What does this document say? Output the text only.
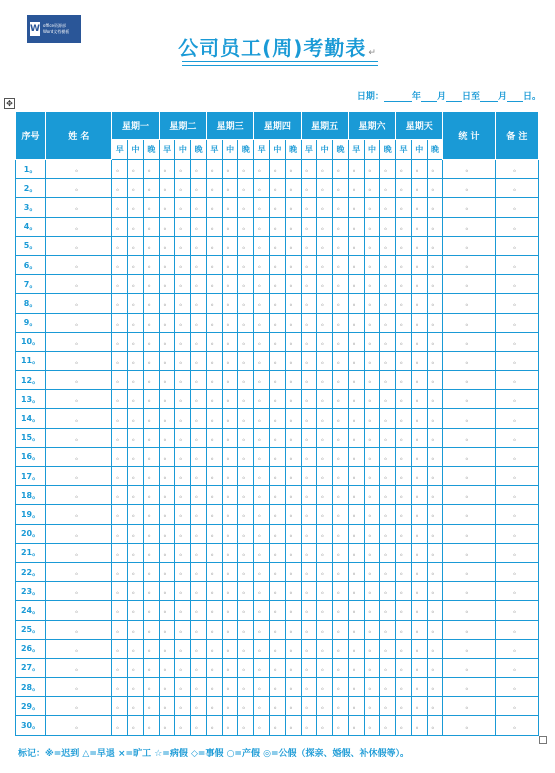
W office资源部
Word文档模板
公司员工(周)考勤表 ↵
日期：	年 月 日至 月 日。
✥
序号	姓 名	星期一			星期二			星期三			星期四			星期五			星期六			星期天			统 计	备 注
		早	中	晚	早	中	晚	早	中	晚	早	中	晚	早	中	晚	早	中	晚	早	中	晚		
1。	。	。	。	。	。	。	。	。	。	。	。	。	。	。	。	。	。	。	。	。	。	。	。	。
2。	。	。	。	。	。	。	。	。	。	。	。	。	。	。	。	。	。	。	。	。	。	。	。	。
3。	。	。	。	。	。	。	。	。	。	。	。	。	。	。	。	。	。	。	。	。	。	。	。	。
4。	。	。	。	。	。	。	。	。	。	。	。	。	。	。	。	。	。	。	。	。	。	。	。	。
5。	。	。	。	。	。	。	。	。	。	。	。	。	。	。	。	。	。	。	。	。	。	。	。	。
6。	。	。	。	。	。	。	。	。	。	。	。	。	。	。	。	。	。	。	。	。	。	。	。	。
7。	。	。	。	。	。	。	。	。	。	。	。	。	。	。	。	。	。	。	。	。	。	。	。	。
8。	。	。	。	。	。	。	。	。	。	。	。	。	。	。	。	。	。	。	。	。	。	。	。	。
9。	。	。	。	。	。	。	。	。	。	。	。	。	。	。	。	。	。	。	。	。	。	。	。	。
10。	。	。	。	。	。	。	。	。	。	。	。	。	。	。	。	。	。	。	。	。	。	。	。	。
11。	。	。	。	。	。	。	。	。	。	。	。	。	。	。	。	。	。	。	。	。	。	。	。	。
12。	。	。	。	。	。	。	。	。	。	。	。	。	。	。	。	。	。	。	。	。	。	。	。	。
13。	。	。	。	。	。	。	。	。	。	。	。	。	。	。	。	。	。	。	。	。	。	。	。	。
14。	。	。	。	。	。	。	。	。	。	。	。	。	。	。	。	。	。	。	。	。	。	。	。	。
15。	。	。	。	。	。	。	。	。	。	。	。	。	。	。	。	。	。	。	。	。	。	。	。	。
16。	。	。	。	。	。	。	。	。	。	。	。	。	。	。	。	。	。	。	。	。	。	。	。	。
17。	。	。	。	。	。	。	。	。	。	。	。	。	。	。	。	。	。	。	。	。	。	。	。	。
18。	。	。	。	。	。	。	。	。	。	。	。	。	。	。	。	。	。	。	。	。	。	。	。	。
19。	。	。	。	。	。	。	。	。	。	。	。	。	。	。	。	。	。	。	。	。	。	。	。	。
20。	。	。	。	。	。	。	。	。	。	。	。	。	。	。	。	。	。	。	。	。	。	。	。	。
21。	。	。	。	。	。	。	。	。	。	。	。	。	。	。	。	。	。	。	。	。	。	。	。	。
22。	。	。	。	。	。	。	。	。	。	。	。	。	。	。	。	。	。	。	。	。	。	。	。	。
23。	。	。	。	。	。	。	。	。	。	。	。	。	。	。	。	。	。	。	。	。	。	。	。	。
24。	。	。	。	。	。	。	。	。	。	。	。	。	。	。	。	。	。	。	。	。	。	。	。	。
25。	。	。	。	。	。	。	。	。	。	。	。	。	。	。	。	。	。	。	。	。	。	。	。	。
26。	。	。	。	。	。	。	。	。	。	。	。	。	。	。	。	。	。	。	。	。	。	。	。	。
27。	。	。	。	。	。	。	。	。	。	。	。	。	。	。	。	。	。	。	。	。	。	。	。	。
28。	。	。	。	。	。	。	。	。	。	。	。	。	。	。	。	。	。	。	。	。	。	。	。	。
29。	。	。	。	。	。	。	。	。	。	。	。	。	。	。	。	。	。	。	。	。	。	。	。	。
30。	。	。	。	。	。	。	。	。	。	。	。	。	。	。	。	。	。	。	。	。	。	。	。	。
标记：※=迟到 △=早退 ×=旷工 ☆=病假 ◇=事假 ○=产假 ◎=公假（探亲、婚假、补休假等）。
